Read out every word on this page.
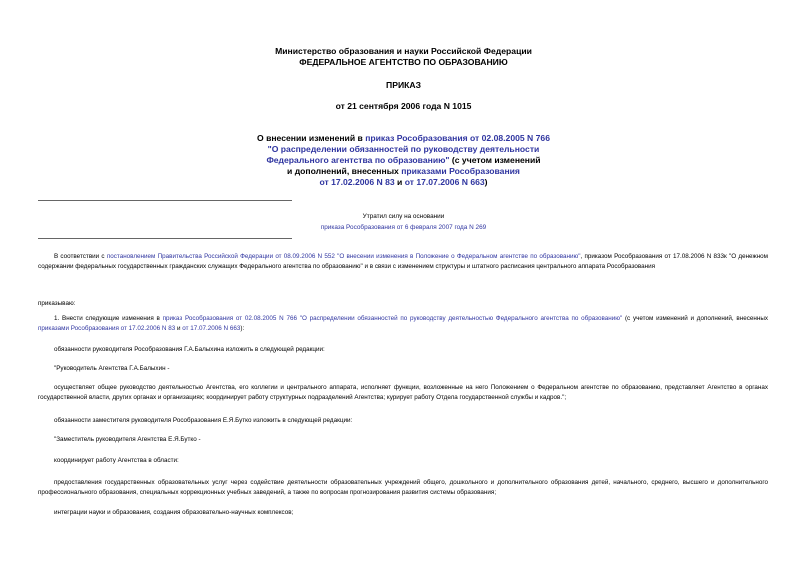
Министерство образования и науки Российской Федерации
ФЕДЕРАЛЬНОЕ АГЕНТСТВО ПО ОБРАЗОВАНИЮ
ПРИКАЗ
от 21 сентября 2006 года N 1015
О внесении изменений в приказ Рособразования от 02.08.2005 N 766
"О распределении обязанностей по руководству деятельности
Федерального агентства по образованию" (с учетом изменений
и дополнений, внесенных приказами Рособразования
от 17.02.2006 N 83 и от 17.07.2006 N 663)
Утратил силу на основании
приказа Рособразования от 6 февраля 2007 года N 269
В соответствии с постановлением Правительства Российской Федерации от 08.09.2006 N 552 "О внесении изменения в Положение о Федеральном агентстве по образованию", приказом Рособразования от 17.08.2006 N 833к "О денежном содержании федеральных государственных гражданских служащих Федерального агентства по образованию" и в связи с изменением структуры и штатного расписания центрального аппарата Рособразования
приказываю:
1. Внести следующие изменения в приказ Рособразования от 02.08.2005 N 766 "О распределении обязанностей по руководству деятельностью Федерального агентства по образованию" (с учетом изменений и дополнений, внесенных приказами Рособразования от 17.02.2006 N 83 и от 17.07.2006 N 663):
обязанности руководителя Рособразования Г.А.Балыхина изложить в следующей редакции:
"Руководитель Агентства Г.А.Балыхин -
осуществляет общее руководство деятельностью Агентства, его коллегии и центрального аппарата, исполняет функции, возложенные на него Положением о Федеральном агентстве по образованию, представляет Агентство в органах государственной власти, других органах и организациях; координирует работу структурных подразделений Агентства; курирует работу Отдела государственной службы и кадров.";
обязанности заместителя руководителя Рособразования Е.Я.Бутко изложить в следующей редакции:
"Заместитель руководителя Агентства Е.Я.Бутко -
координирует работу Агентства в области:
предоставления государственных образовательных услуг через содействие деятельности образовательных учреждений общего, дошкольного и дополнительного образования детей, начального, среднего, высшего и дополнительного профессионального образования, специальных коррекционных учебных заведений, а также по вопросам прогнозирования развития системы образования;
интеграции науки и образования, создания образовательно-научных комплексов;
